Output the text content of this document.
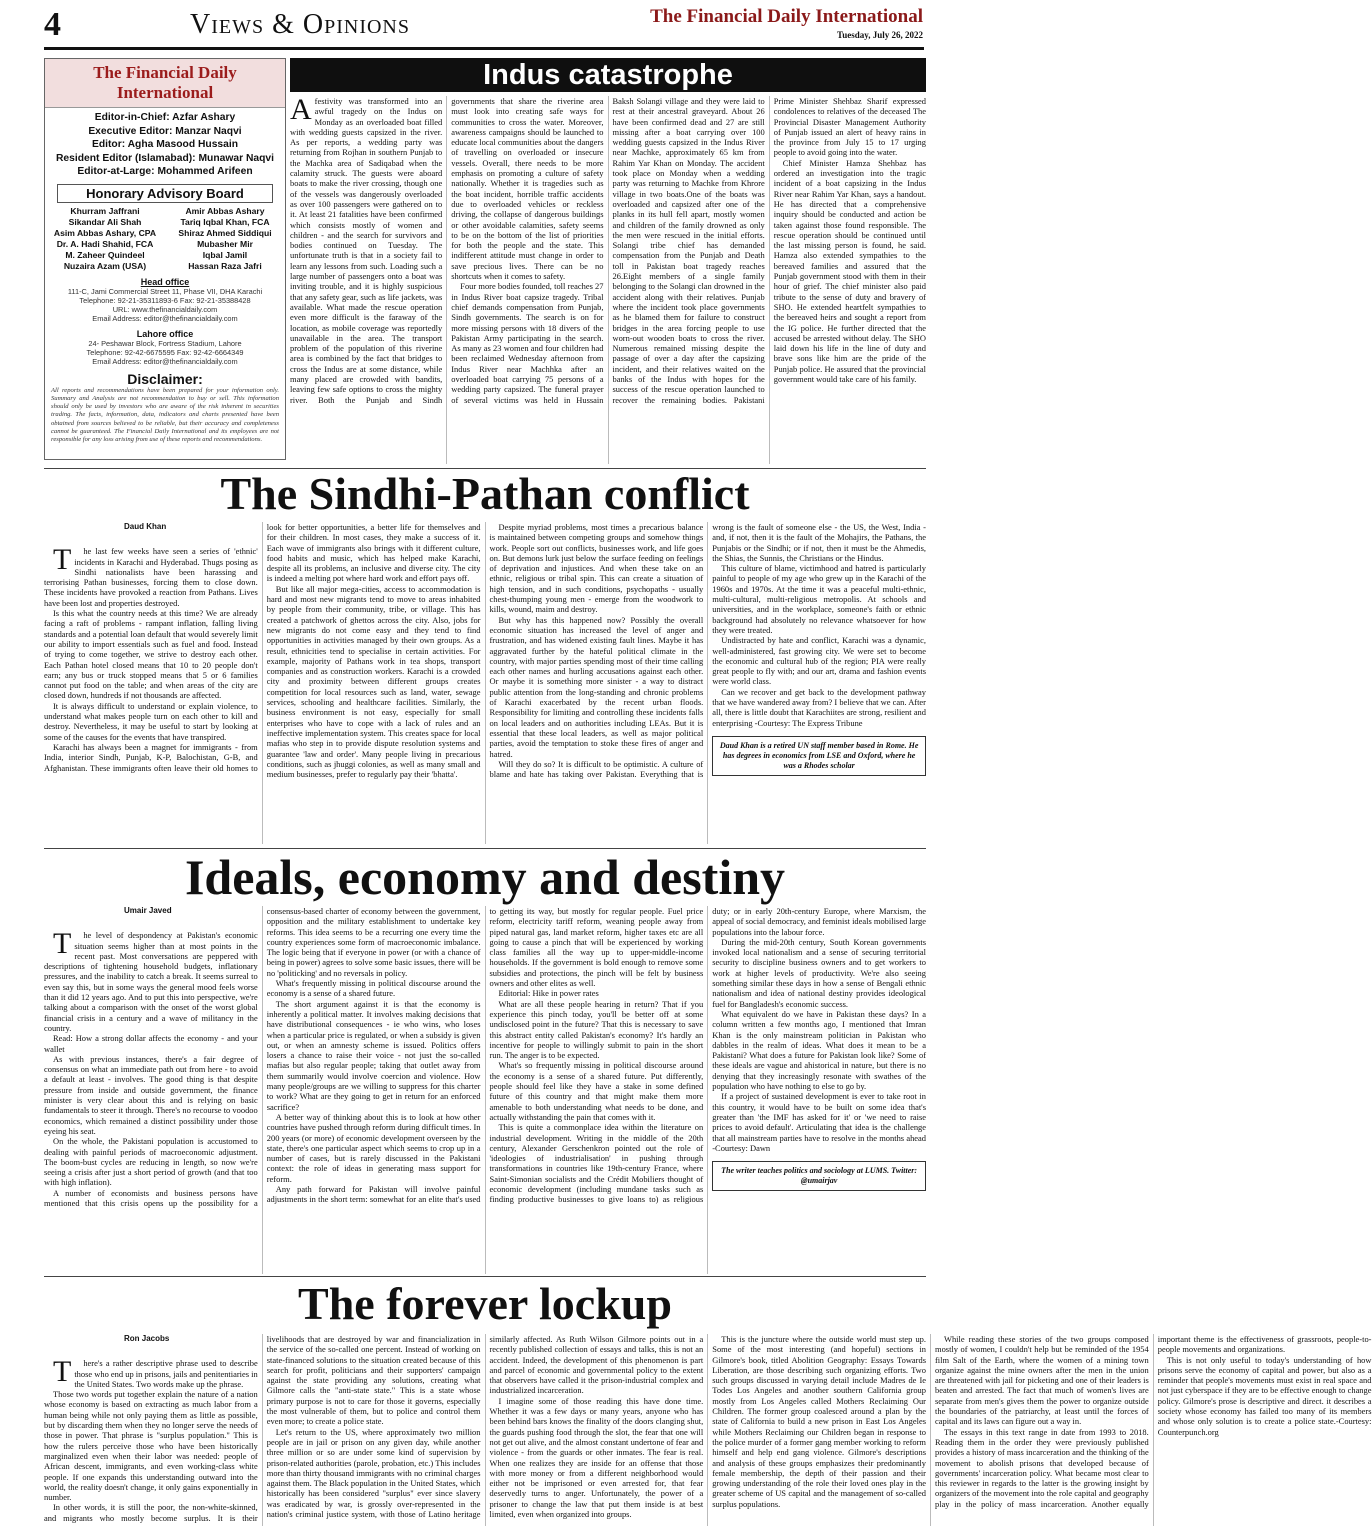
4	Views & Opinions	The Financial Daily International
Tuesday, July 26, 2022
The Financial Daily International
Editor-in-Chief: Azfar Ashary
Executive Editor: Manzar Naqvi
Editor: Agha Masood Hussain
Resident Editor (Islamabad): Munawar Naqvi
Editor-at-Large: Mohammed Arifeen
Honorary Advisory Board
Khurram Jaffrani
Sikandar Ali Shah
Asim Abbas Ashary, CPA
Dr. A. Hadi Shahid, FCA
M. Zaheer Quindeel
Nuzaira Azam (USA)
Amir Abbas Ashary
Tariq Iqbal Khan, FCA
Shiraz Ahmed Siddiqui
Mubasher Mir
Iqbal Jamil
Hassan Raza Jafri
Head office
111-C, Jami Commercial Street 11, Phase VII, DHA Karachi
Telephone: 92-21-35311893-6 Fax: 92-21-35388428
URL: www.thefinancialdaily.com
Email Address: editor@thefinancialdaily.com
Lahore office
24- Peshawar Block, Fortress Stadium, Lahore
Telephone: 92-42-6675595 Fax: 92-42-6664349
Email Address: editor@thefinancialdaily.com
Disclaimer:
All reports and recommendations have been prepared for your information only. Summary and Analysis are not recommendation to buy or sell. This information should only be used by investors who are aware of the risk inherent in securities trading. The facts, information, data, indicators and charts presented have been obtained from sources believed to be reliable, but their accuracy and completeness cannot be guaranteed. The Financial Daily International and its employees are not responsible for any loss arising from use of these reports and recommendations.
Indus catastrophe

Afestivity was transformed into an awful tragedy on the Indus on Monday as an overloaded boat filled with wedding guests capsized in the river. As per reports, a wedding party was returning from Rojhan in southern Punjab to the Machka area of Sadiqabad when the calamity struck. The guests were aboard boats to make the river crossing, though one of the vessels was dangerously overloaded as over 100 passengers were gathered on to it. At least 21 fatalities have been confirmed which consists mostly of women and children - and the search for survivors and bodies continued on Tuesday. The unfortunate truth is that in a society fail to learn any lessons from such. Loading such a large number of passengers onto a boat was inviting trouble, and it is highly suspicious that any safety gear, such as life jackets, was available. What made the rescue operation even more difficult is the faraway of the location, as mobile coverage was reportedly unavailable in the area. The transport problem of the population of this riverine area is combined by the fact that bridges to cross the Indus are at some distance, while many placed are crowded with bandits, leaving few safe options to cross the mighty river. Both the Punjab and Sindh governments that share the riverine area must look into creating safe ways for communities to cross the water. Moreover, awareness campaigns should be launched to educate local communities about the dangers of travelling on overloaded or insecure vessels. Overall, there needs to be more emphasis on promoting a culture of safety nationally. Whether it is tragedies such as the boat incident, horrible traffic accidents due to overloaded vehicles or reckless driving, the collapse of dangerous buildings or other avoidable calamities, safety seems to be on the bottom of the list of priorities for both the people and the state. This indifferent attitude must change in order to save precious lives. There can be no shortcuts when it comes to safety.

Four more bodies founded, toll reaches 27 in Indus River boat capsize tragedy. Tribal chief demands compensation from Punjab, Sindh governments. The search is on for more missing persons with 18 divers of the Pakistan Army participating in the search. As many as 23 women and four children had been reclaimed Wednesday afternoon from Indus River near Machhka after an overloaded boat carrying 75 persons of a wedding party capsized. The funeral prayer of several victims was held in Hussain Baksh Solangi village and they were laid to rest at their ancestral graveyard. About 26 have been confirmed dead and 27 are still missing after a boat carrying over 100 wedding guests capsized in the Indus River near Machke, approximately 65 km from Rahim Yar Khan on Monday. The accident took place on Monday when a wedding party was returning to Machke from Khrore village in two boats.One of the boats was overloaded and capsized after one of the planks in its hull fell apart, mostly women and children of the family drowned as only the men were rescued in the initial efforts. Solangi tribe chief has demanded compensation from the Punjab and Death toll in Pakistan boat tragedy reaches 26.Eight members of a single family belonging to the Solangi clan drowned in the accident along with their relatives. Punjab where the incident took place governments as he blamed them for failure to construct bridges in the area forcing people to use worn-out wooden boats to cross the river. Numerous remained missing despite the passage of over a day after the capsizing incident, and their relatives waited on the banks of the Indus with hopes for the success of the rescue operation launched to recover the remaining bodies. Pakistani Prime Minister Shehbaz Sharif expressed condolences to relatives of the deceased The Provincial Disaster Management Authority of Punjab issued an alert of heavy rains in the province from July 15 to 17 urging people to avoid going into the water.

Chief Minister Hamza Shehbaz has ordered an investigation into the tragic incident of a boat capsizing in the Indus River near Rahim Yar Khan, says a handout. He has directed that a comprehensive inquiry should be conducted and action be taken against those found responsible. The rescue operation should be continued until the last missing person is found, he said. Hamza also extended sympathies to the bereaved families and assured that the Punjab government stood with them in their hour of grief. The chief minister also paid tribute to the sense of duty and bravery of SHO. He extended heartfelt sympathies to the bereaved heirs and sought a report from the IG police. He further directed that the accused be arrested without delay. The SHO laid down his life in the line of duty and brave sons like him are the pride of the Punjab police. He assured that the provincial government would take care of his family.

The Sindhi-Pathan conflict
Daud Khan

T he last few weeks have seen a series of 'ethnic' incidents in Karachi and Hyderabad. Thugs posing as Sindhi nationalists have been harassing and terrorising Pathan businesses, forcing them to close down. These incidents have provoked a reaction from Pathans. Lives have been lost and properties destroyed.

Is this what the country needs at this time? We are already facing a raft of problems - rampant inflation, falling living standards and a potential loan default that would severely limit our ability to import essentials such as fuel and food. Instead of trying to come together, we strive to destroy each other. Each Pathan hotel closed means that 10 to 20 people don't earn; any bus or truck stopped means that 5 or 6 families cannot put food on the table; and when areas of the city are closed down, hundreds if not thousands are affected.

It is always difficult to understand or explain violence, to understand what makes people turn on each other to kill and destroy. Nevertheless, it may be useful to start by looking at some of the causes for the events that have transpired.

Karachi has always been a magnet for immigrants - from India, interior Sindh, Punjab, K-P, Balochistan, G-B, and Afghanistan. These immigrants often leave their old homes to look for better opportunities, a better life for themselves and for their children. In most cases, they make a success of it. Each wave of immigrants also brings with it different culture, food habits and music, which has helped make Karachi, despite all its problems, an inclusive and diverse city. The city is indeed a melting pot where hard work and effort pays off.

But like all major mega-cities, access to accommodation is hard and most new migrants tend to move to areas inhabited by people from their community, tribe, or village. This has created a patchwork of ghettos across the city. Also, jobs for new migrants do not come easy and they tend to find opportunities in activities managed by their own groups. As a result, ethnicities tend to specialise in certain activities. For example, majority of Pathans work in tea shops, transport companies and as construction workers. Karachi is a crowded city and proximity between different groups creates competition for local resources such as land, water, sewage services, schooling and healthcare facilities. Similarly, the business environment is not easy, especially for small enterprises who have to cope with a lack of rules and an ineffective implementation system. This creates space for local mafias who step in to provide dispute resolution systems and guarantee 'law and order'. Many people living in precarious conditions, such as jhuggi colonies, as well as many small and medium businesses, prefer to regularly pay their 'bhatta'.

Despite myriad problems, most times a precarious balance is maintained between competing groups and somehow things work. People sort out conflicts, businesses work, and life goes on. But demons lurk just below the surface feeding on feelings of deprivation and injustices. And when these take on an ethnic, religious or tribal spin. This can create a situation of high tension, and in such conditions, psychopaths - usually chest-thumping young men - emerge from the woodwork to kills, wound, maim and destroy.

But why has this happened now? Possibly the overall economic situation has increased the level of anger and frustration, and has widened existing fault lines. Maybe it has aggravated further by the hateful political climate in the country, with major parties spending most of their time calling each other names and hurling accusations against each other. Or maybe it is something more sinister - a way to distract public attention from the long-standing and chronic problems of Karachi exacerbated by the recent urban floods. Responsibility for limiting and controlling these incidents falls on local leaders and on authorities including LEAs. But it is essential that these local leaders, as well as major political parties, avoid the temptation to stoke these fires of anger and hatred.

Will they do so? It is difficult to be optimistic. A culture of blame and hate has taking over Pakistan. Everything that is wrong is the fault of someone else - the US, the West, India - and, if not, then it is the fault of the Mohajirs, the Pathans, the Punjabis or the Sindhi; or if not, then it must be the Ahmedis, the Shias, the Sunnis, the Christians or the Hindus.

This culture of blame, victimhood and hatred is particularly painful to people of my age who grew up in the Karachi of the 1960s and 1970s. At the time it was a peaceful multi-ethnic, multi-cultural, multi-religious metropolis. At schools and universities, and in the workplace, someone's faith or ethnic background had absolutely no relevance whatsoever for how they were treated.

Undistracted by hate and conflict, Karachi was a dynamic, well-administered, fast growing city. We were set to become the economic and cultural hub of the region; PIA were really great people to fly with; and our art, drama and fashion events were world class.

Can we recover and get back to the development pathway that we have wandered away from? I believe that we can. After all, there is little doubt that Karachiites are strong, resilient and enterprising -Courtesy: The Express Tribune

Daud Khan is a retired UN staff member based in Rome. He has degrees in economics from LSE and Oxford, where he was a Rhodes scholar
Ideals, economy and destiny
Umair Javed

T he level of despondency at Pakistan's economic situation seems higher than at most points in the recent past. Most conversations are peppered with descriptions of tightening household budgets, inflationary pressures, and the inability to catch a break. It seems surreal to even say this, but in some ways the general mood feels worse than it did 12 years ago. And to put this into perspective, we're talking about a comparison with the onset of the worst global financial crisis in a century and a wave of militancy in the country.

Read: How a strong dollar affects the economy - and your wallet

As with previous instances, there's a fair degree of consensus on what an immediate path out from here - to avoid a default at least - involves. The good thing is that despite pressure from inside and outside government, the finance minister is very clear about this and is relying on basic fundamentals to steer it through. There's no recourse to voodoo economics, which remained a distinct possibility under those eyeing his seat.

On the whole, the Pakistani population is accustomed to dealing with painful periods of macroeconomic adjustment. The boom-bust cycles are reducing in length, so now we're seeing a crisis after just a short period of growth (and that too with high inflation).

A number of economists and business persons have mentioned that this crisis opens up the possibility for a consensus-based charter of economy between the government, opposition and the military establishment to undertake key reforms. This idea seems to be a recurring one every time the country experiences some form of macroeconomic imbalance. The logic being that if everyone in power (or with a chance of being in power) agrees to solve some basic issues, there will be no 'politicking' and no reversals in policy.

What's frequently missing in political discourse around the economy is a sense of a shared future.

The short argument against it is that the economy is inherently a political matter. It involves making decisions that have distributional consequences - ie who wins, who loses when a particular price is regulated, or when a subsidy is given out, or when an amnesty scheme is issued. Politics offers losers a chance to raise their voice - not just the so-called mafias but also regular people; taking that outlet away from them summarily would involve coercion and violence. How many people/groups are we willing to suppress for this charter to work? What are they going to get in return for an enforced sacrifice?

A better way of thinking about this is to look at how other countries have pushed through reform during difficult times. In 200 years (or more) of economic development overseen by the state, there's one particular aspect which seems to crop up in a number of cases, but is rarely discussed in the Pakistani context: the role of ideas in generating mass support for reform.

Any path forward for Pakistan will involve painful adjustments in the short term: somewhat for an elite that's used to getting its way, but mostly for regular people. Fuel price reform, electricity tariff reform, weaning people away from piped natural gas, land market reform, higher taxes etc are all going to cause a pinch that will be experienced by working class families all the way up to upper-middle-income households. If the government is bold enough to remove some subsidies and protections, the pinch will be felt by business owners and other elites as well.

Editorial: Hike in power rates

What are all these people hearing in return? That if you experience this pinch today, you'll be better off at some undisclosed point in the future? That this is necessary to save this abstract entity called Pakistan's economy? It's hardly an incentive for people to willingly submit to pain in the short run. The anger is to be expected.

What's so frequently missing in political discourse around the economy is a sense of a shared future. Put differently, people should feel like they have a stake in some defined future of this country and that might make them more amenable to both understanding what needs to be done, and actually withstanding the pain that comes with it.

This is quite a commonplace idea within the literature on industrial development. Writing in the middle of the 20th century, Alexander Gerschenkron pointed out the role of 'ideologies of industrialisation' in pushing through transformations in countries like 19th-century France, where Saint-Simonian socialists and the Crédit Mobiliers thought of economic development (including mundane tasks such as finding productive businesses to give loans to) as religious duty; or in early 20th-century Europe, where Marxism, the appeal of social democracy, and feminist ideals mobilised large populations into the labour force.

During the mid-20th century, South Korean governments invoked local nationalism and a sense of securing territorial security to discipline business owners and to get workers to work at higher levels of productivity. We're also seeing something similar these days in how a sense of Bengali ethnic nationalism and idea of national destiny provides ideological fuel for Bangladesh's economic success.

What equivalent do we have in Pakistan these days? In a column written a few months ago, I mentioned that Imran Khan is the only mainstream politician in Pakistan who dabbles in the realm of ideas. What does it mean to be a Pakistani? What does a future for Pakistan look like? Some of these ideals are vague and ahistorical in nature, but there is no denying that they increasingly resonate with swathes of the population who have nothing to else to go by.

If a project of sustained development is ever to take root in this country, it would have to be built on some idea that's greater than 'the IMF has asked for it' or 'we need to raise prices to avoid default'. Articulating that idea is the challenge that all mainstream parties have to resolve in the months ahead -Courtesy: Dawn

The writer teaches politics and sociology at LUMS. Twitter: @umairjav
The forever lockup
Ron Jacobs

T here's a rather descriptive phrase used to describe those who end up in prisons, jails and penitentiaries in the United States. Two words make up the phrase.

Those two words put together explain the nature of a nation whose economy is based on extracting as much labor from a human being while not only paying them as little as possible, but by discarding them when they no longer serve the needs of those in power. That phrase is "surplus population." This is how the rulers perceive those who have been historically marginalized even when their labor was needed: people of African descent, immigrants, and even working-class white people. If one expands this understanding outward into the world, the reality doesn't change, it only gains exponentially in number.

In other words, it is still the poor, the non-white-skinned, and migrants who mostly become surplus. It is their livelihoods that are destroyed by war and financialization in the service of the so-called one percent. Instead of working on state-financed solutions to the situation created because of this search for profit, politicians and their supporters' campaign against the state providing any solutions, creating what Gilmore calls the "anti-state state." This is a state whose primary purpose is not to care for those it governs, especially the most vulnerable of them, but to police and control them even more; to create a police state.

Let's return to the US, where approximately two million people are in jail or prison on any given day, while another three million or so are under some kind of supervision by prison-related authorities (parole, probation, etc.) This includes more than thirty thousand immigrants with no criminal charges against them. The Black population in the United States, which historically has been considered "surplus" ever since slavery was eradicated by war, is grossly over-represented in the nation's criminal justice system, with those of Latino heritage similarly affected. As Ruth Wilson Gilmore points out in a recently published collection of essays and talks, this is not an accident. Indeed, the development of this phenomenon is part and parcel of economic and governmental policy to the extent that observers have called it the prison-industrial complex and industrialized incarceration.

I imagine some of those reading this have done time. Whether it was a few days or many years, anyone who has been behind bars knows the finality of the doors clanging shut, the guards pushing food through the slot, the fear that one will not get out alive, and the almost constant undertone of fear and violence - from the guards or other inmates. The fear is real. When one realizes they are inside for an offense that those with more money or from a different neighborhood would either not be imprisoned or even arrested for, that fear deservedly turns to anger. Unfortunately, the power of a prisoner to change the law that put them inside is at best limited, even when organized into groups.

This is the juncture where the outside world must step up. Some of the most interesting (and hopeful) sections in Gilmore's book, titled Abolition Geography: Essays Towards Liberation, are those describing such organizing efforts. Two such groups discussed in varying detail include Madres de Ie Todes Los Angeles and another southern California group mostly from Los Angeles called Mothers Reclaiming Our Children. The former group coalesced around a plan by the state of California to build a new prison in East Los Angeles while Mothers Reclaiming our Children began in response to the police murder of a former gang member working to reform himself and help end gang violence. Gilmore's descriptions and analysis of these groups emphasizes their predominantly female membership, the depth of their passion and their growing understanding of the role their loved ones play in the greater scheme of US capital and the management of so-called surplus populations.

While reading these stories of the two groups composed mostly of women, I couldn't help but be reminded of the 1954 film Salt of the Earth, where the women of a mining town organize against the mine owners after the men in the union are threatened with jail for picketing and one of their leaders is beaten and arrested. The fact that much of women's lives are separate from men's gives them the power to organize outside the boundaries of the patriarchy, at least until the forces of capital and its laws can figure out a way in.

The essays in this text range in date from 1993 to 2018. Reading them in the order they were previously published provides a history of mass incarceration and the thinking of the movement to abolish prisons that developed because of governments' incarceration policy. What became most clear to this reviewer in regards to the latter is the growing insight by organizers of the movement into the role capital and geography play in the policy of mass incarceration. Another equally important theme is the effectiveness of grassroots, people-to-people movements and organizations.

This is not only useful to today's understanding of how prisons serve the economy of capital and power, but also as a reminder that people's movements must exist in real space and not just cyberspace if they are to be effective enough to change policy. Gilmore's prose is descriptive and direct. it describes a society whose economy has failed too many of its members and whose only solution is to create a police state.-Courtesy: Counterpunch.org
